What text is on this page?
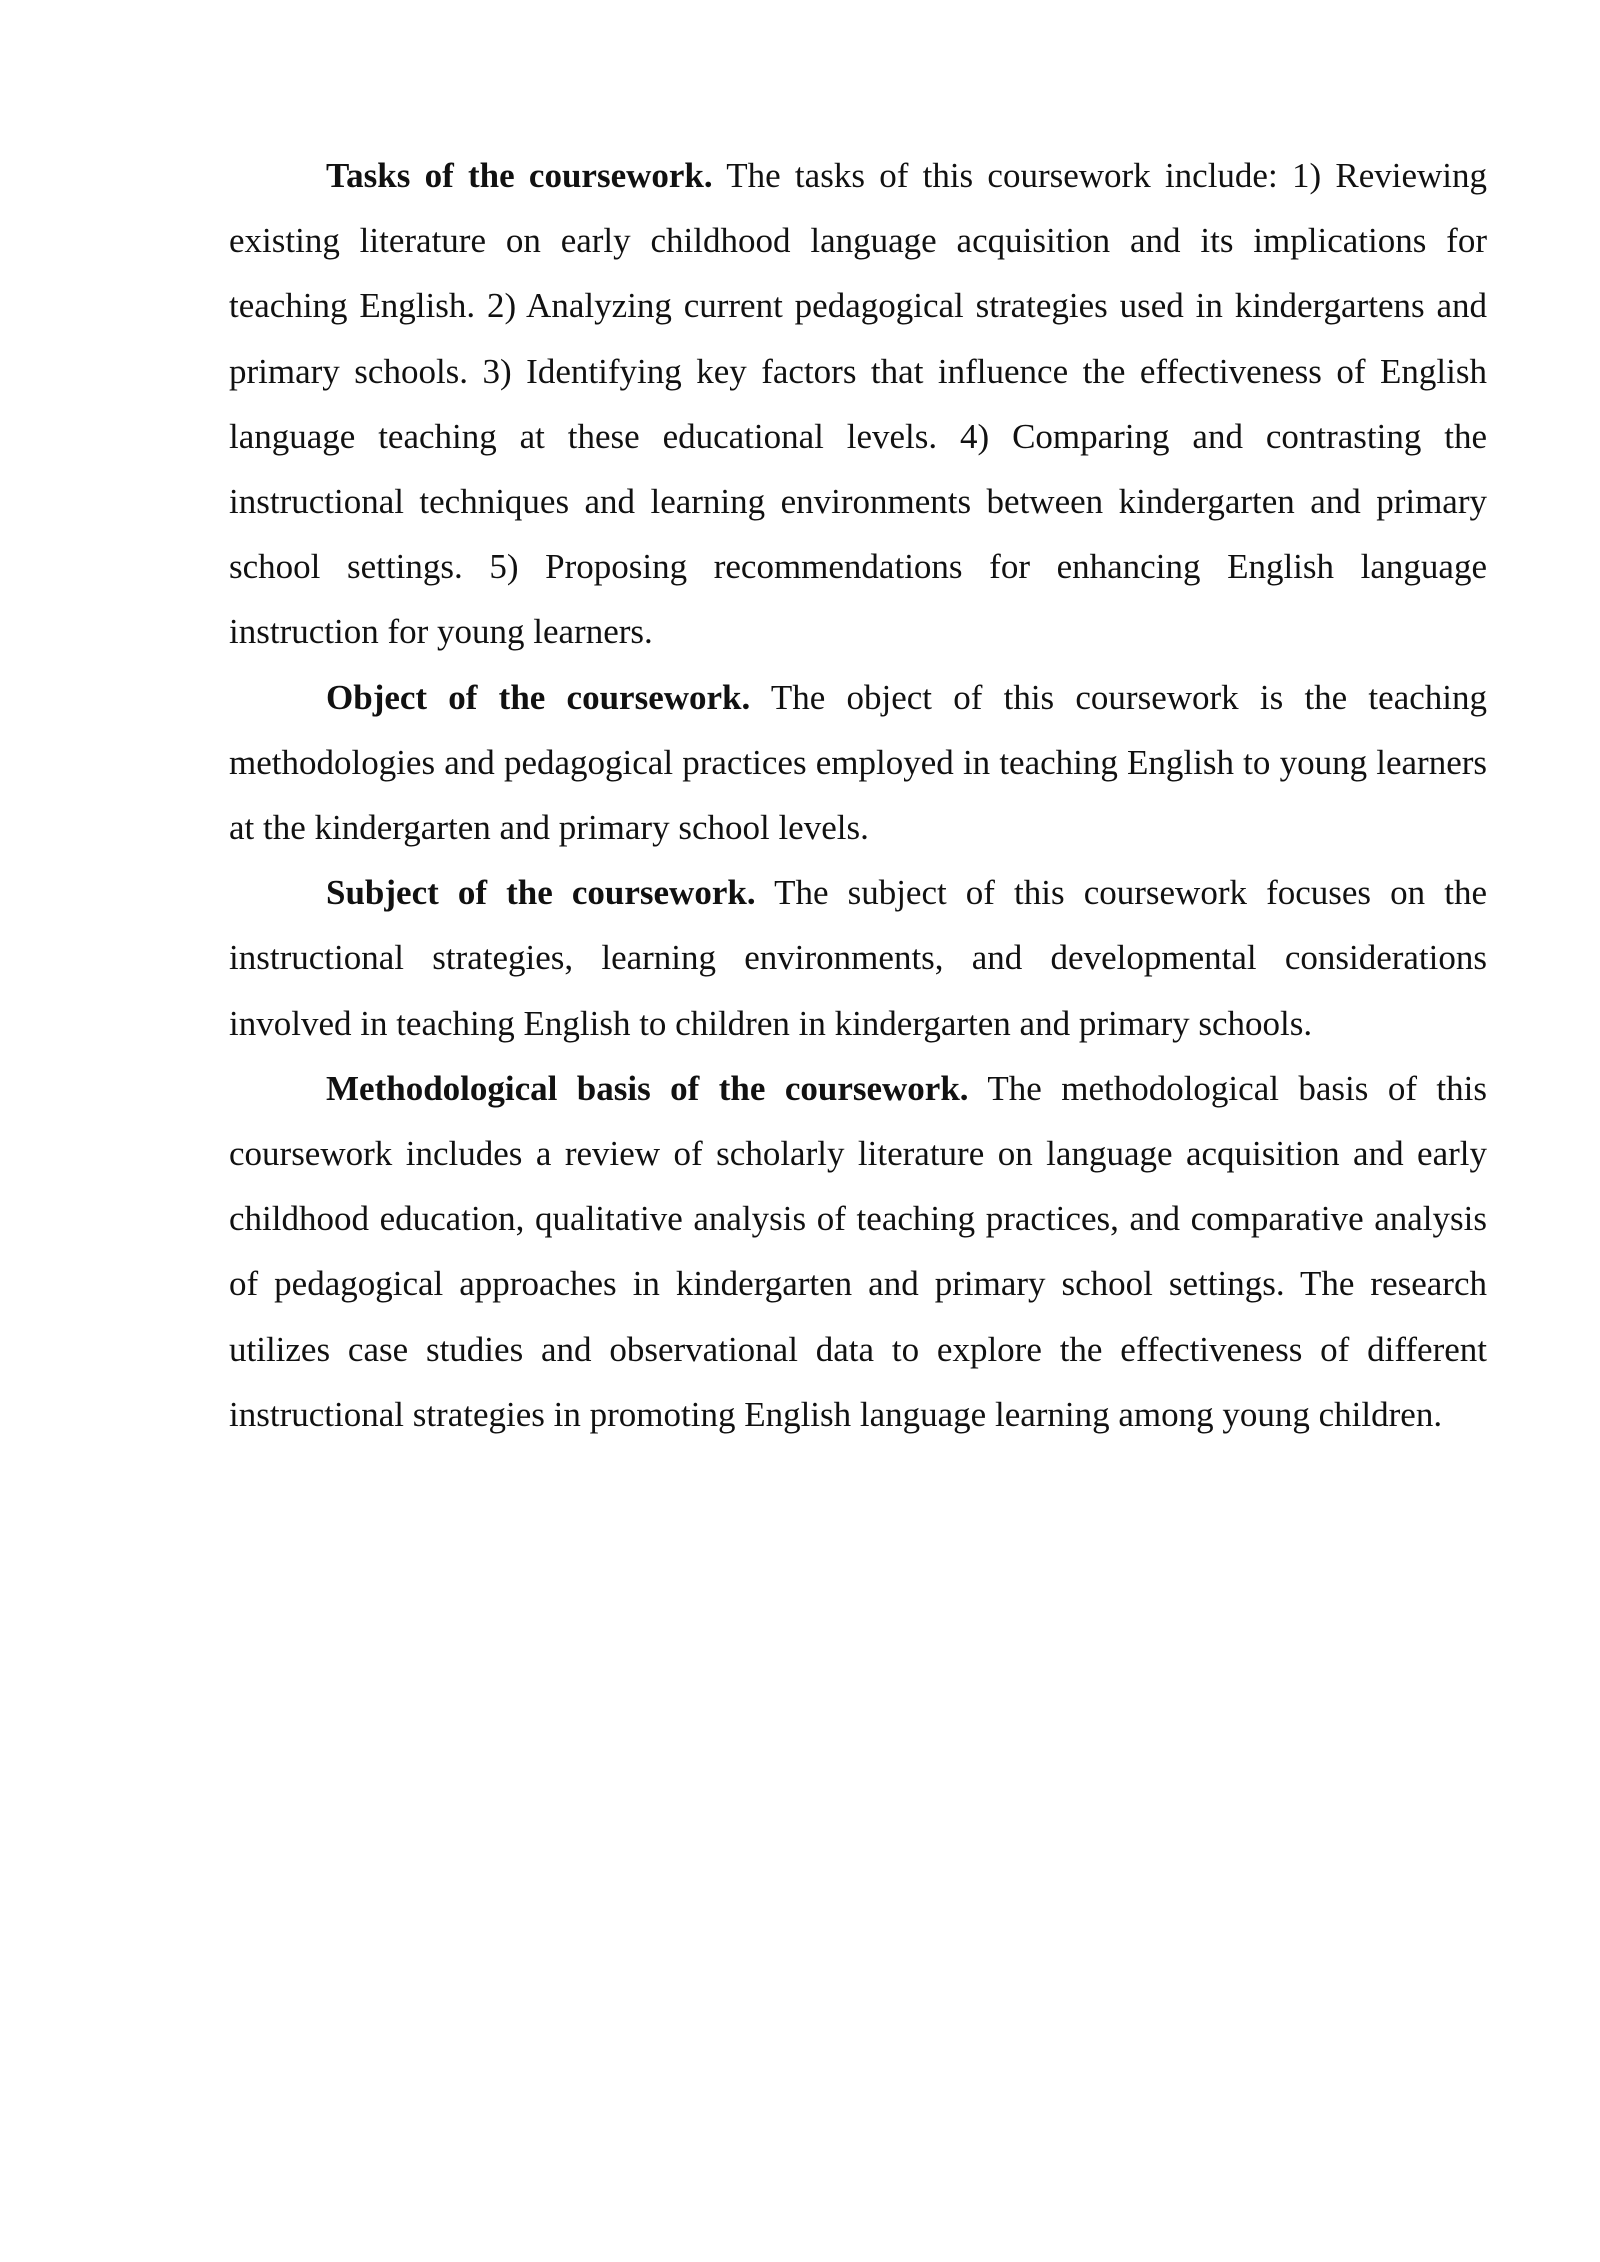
Tasks of the coursework. The tasks of this coursework include: 1) Reviewing existing literature on early childhood language acquisition and its implications for teaching English. 2) Analyzing current pedagogical strategies used in kindergartens and primary schools. 3) Identifying key factors that influence the effectiveness of English language teaching at these educational levels. 4) Comparing and contrasting the instructional techniques and learning environments between kindergarten and primary school settings. 5) Proposing recommendations for enhancing English language instruction for young learners.

Object of the coursework. The object of this coursework is the teaching methodologies and pedagogical practices employed in teaching English to young learners at the kindergarten and primary school levels.

Subject of the coursework. The subject of this coursework focuses on the instructional strategies, learning environments, and developmental considerations involved in teaching English to children in kindergarten and primary schools.

Methodological basis of the coursework. The methodological basis of this coursework includes a review of scholarly literature on language acquisition and early childhood education, qualitative analysis of teaching practices, and comparative analysis of pedagogical approaches in kindergarten and primary school settings. The research utilizes case studies and observational data to explore the effectiveness of different instructional strategies in promoting English language learning among young children.
